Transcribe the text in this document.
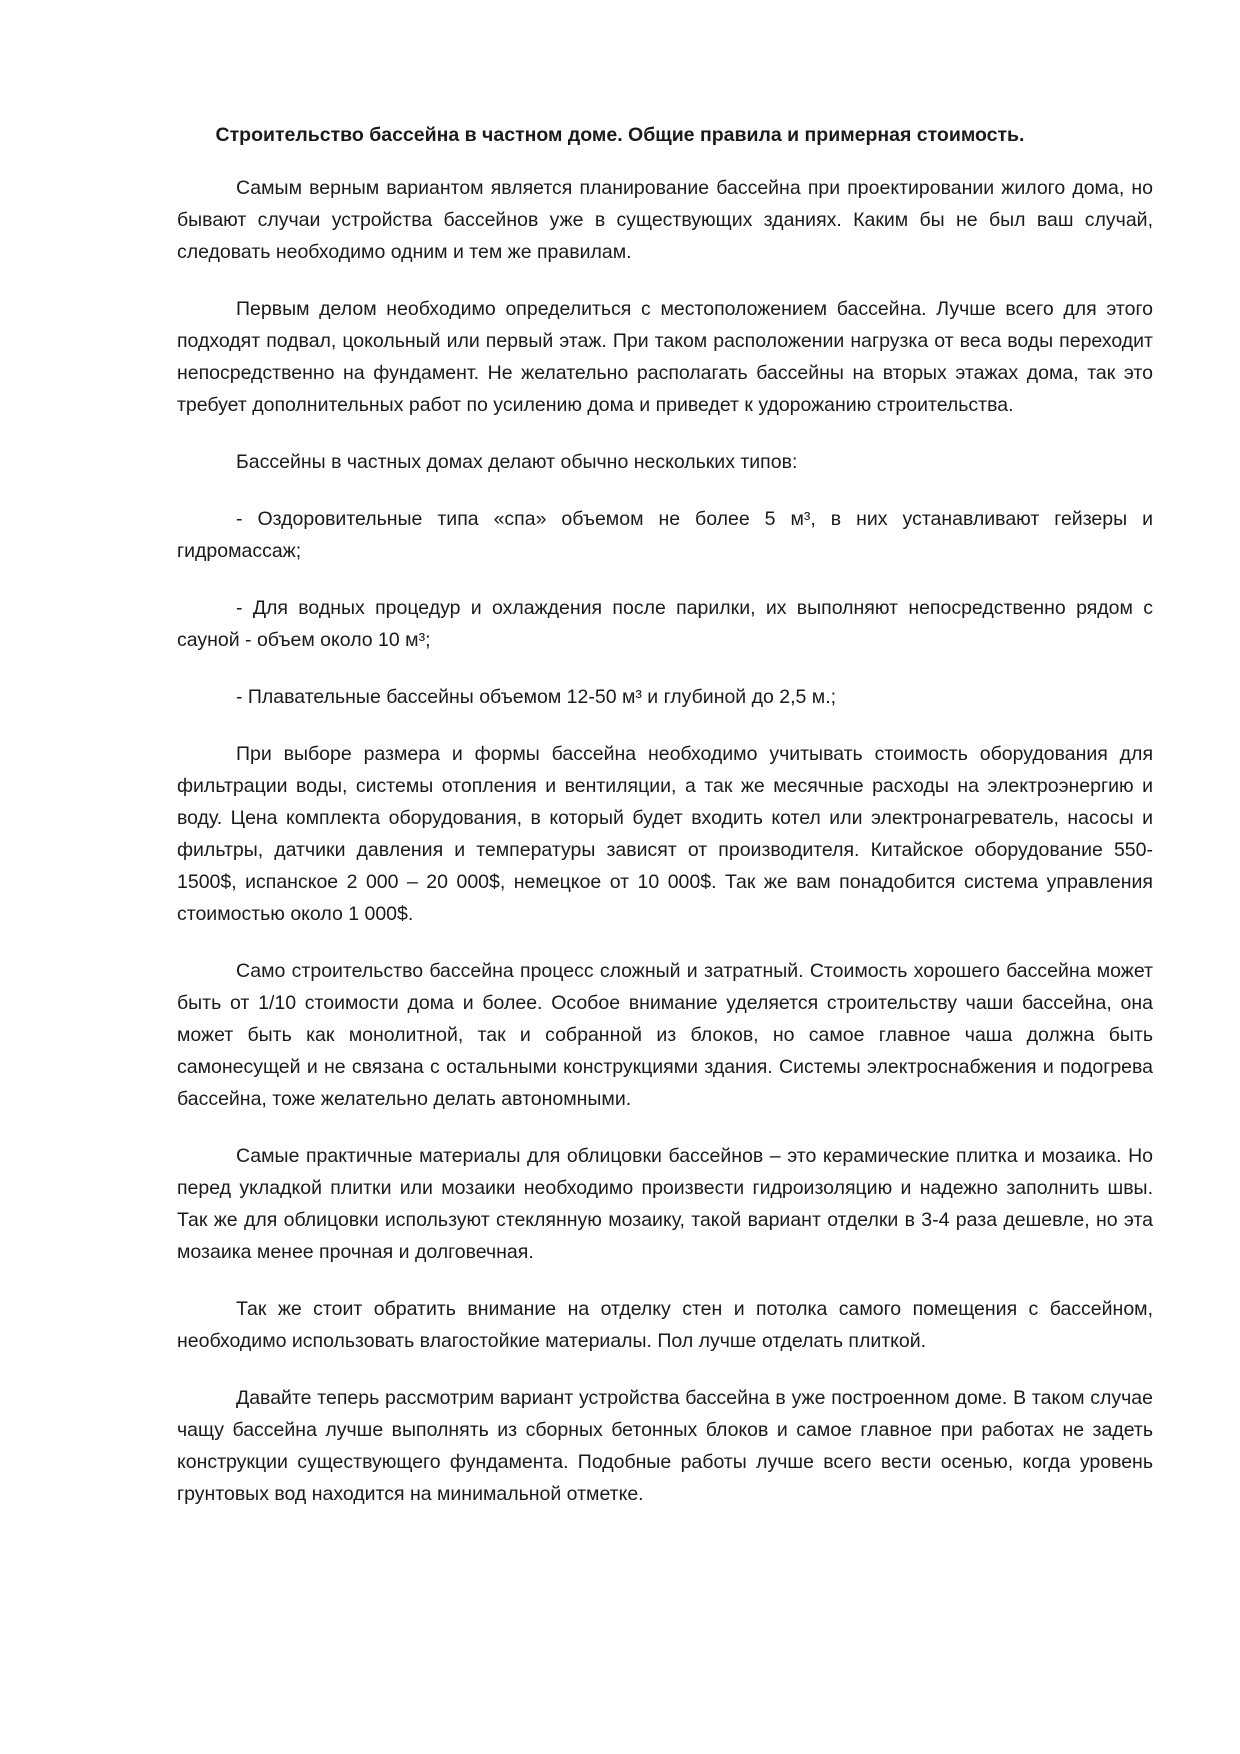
Строительство бассейна в частном доме. Общие правила и примерная стоимость.

Самым верным вариантом является планирование бассейна при проектировании жилого дома, но бывают случаи устройства бассейнов уже в существующих зданиях. Каким бы не был ваш случай, следовать необходимо одним и тем же правилам.

Первым делом необходимо определиться с местоположением бассейна. Лучше всего для этого подходят подвал, цокольный или первый этаж. При таком расположении нагрузка от веса воды переходит непосредственно на фундамент. Не желательно располагать бассейны на вторых этажах дома, так это требует дополнительных работ по усилению дома и приведет к удорожанию строительства.

Бассейны в частных домах делают обычно нескольких типов:

- Оздоровительные типа «спа» объемом не более 5 м³, в них устанавливают гейзеры и гидромассаж;

- Для водных процедур и охлаждения после парилки, их выполняют непосредственно рядом с сауной - объем около 10 м³;

- Плавательные бассейны объемом 12-50 м³ и глубиной до 2,5 м.;

При выборе размера и формы бассейна необходимо учитывать стоимость оборудования для фильтрации воды, системы отопления и вентиляции, а так же месячные расходы на электроэнергию и воду. Цена комплекта оборудования, в который будет входить котел или электронагреватель, насосы и фильтры, датчики давления и температуры зависят от производителя. Китайское оборудование 550-1500$, испанское 2 000 – 20 000$, немецкое от 10 000$. Так же вам понадобится система управления стоимостью около 1 000$.

Само строительство бассейна процесс сложный и затратный. Стоимость хорошего бассейна может быть от 1/10 стоимости дома и более. Особое внимание уделяется строительству чаши бассейна, она может быть как монолитной, так и собранной из блоков, но самое главное чаша должна быть самонесущей и не связана с остальными конструкциями здания. Системы электроснабжения и подогрева бассейна, тоже желательно делать автономными.

Самые практичные материалы для облицовки бассейнов – это керамические плитка и мозаика. Но перед укладкой плитки или мозаики необходимо произвести гидроизоляцию и надежно заполнить швы. Так же для облицовки используют стеклянную мозаику, такой вариант отделки в 3-4 раза дешевле, но эта мозаика менее прочная и долговечная.

Так же стоит обратить внимание на отделку стен и потолка самого помещения с бассейном, необходимо использовать влагостойкие материалы. Пол лучше отделать плиткой.

Давайте теперь рассмотрим вариант устройства бассейна в уже построенном доме. В таком случае чащу бассейна лучше выполнять из сборных бетонных блоков и самое главное при работах не задеть конструкции существующего фундамента. Подобные работы лучше всего вести осенью, когда уровень грунтовых вод находится на минимальной отметке.
